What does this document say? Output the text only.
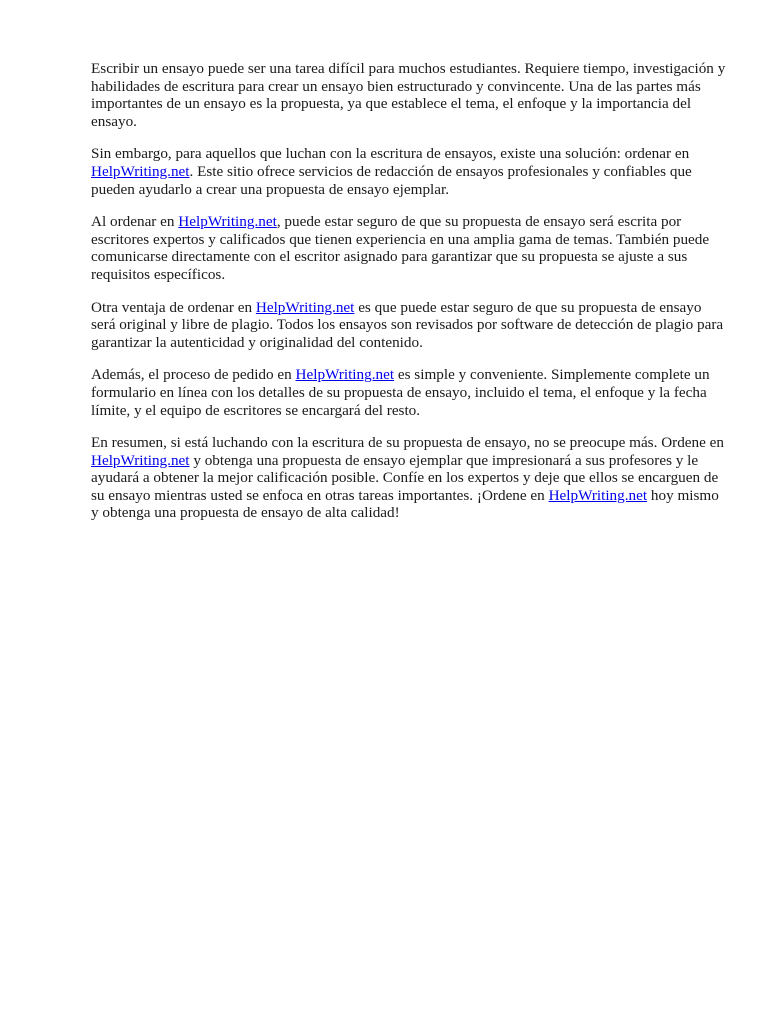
Escribir un ensayo puede ser una tarea difícil para muchos estudiantes. Requiere tiempo, investigación y habilidades de escritura para crear un ensayo bien estructurado y convincente. Una de las partes más importantes de un ensayo es la propuesta, ya que establece el tema, el enfoque y la importancia del ensayo.

Sin embargo, para aquellos que luchan con la escritura de ensayos, existe una solución: ordenar en HelpWriting.net. Este sitio ofrece servicios de redacción de ensayos profesionales y confiables que pueden ayudarlo a crear una propuesta de ensayo ejemplar.

Al ordenar en HelpWriting.net, puede estar seguro de que su propuesta de ensayo será escrita por escritores expertos y calificados que tienen experiencia en una amplia gama de temas. También puede comunicarse directamente con el escritor asignado para garantizar que su propuesta se ajuste a sus requisitos específicos.

Otra ventaja de ordenar en HelpWriting.net es que puede estar seguro de que su propuesta de ensayo será original y libre de plagio. Todos los ensayos son revisados por software de detección de plagio para garantizar la autenticidad y originalidad del contenido.

Además, el proceso de pedido en HelpWriting.net es simple y conveniente. Simplemente complete un formulario en línea con los detalles de su propuesta de ensayo, incluido el tema, el enfoque y la fecha límite, y el equipo de escritores se encargará del resto.

En resumen, si está luchando con la escritura de su propuesta de ensayo, no se preocupe más. Ordene en HelpWriting.net y obtenga una propuesta de ensayo ejemplar que impresionará a sus profesores y le ayudará a obtener la mejor calificación posible. Confíe en los expertos y deje que ellos se encarguen de su ensayo mientras usted se enfoca en otras tareas importantes. ¡Ordene en HelpWriting.net hoy mismo y obtenga una propuesta de ensayo de alta calidad!
